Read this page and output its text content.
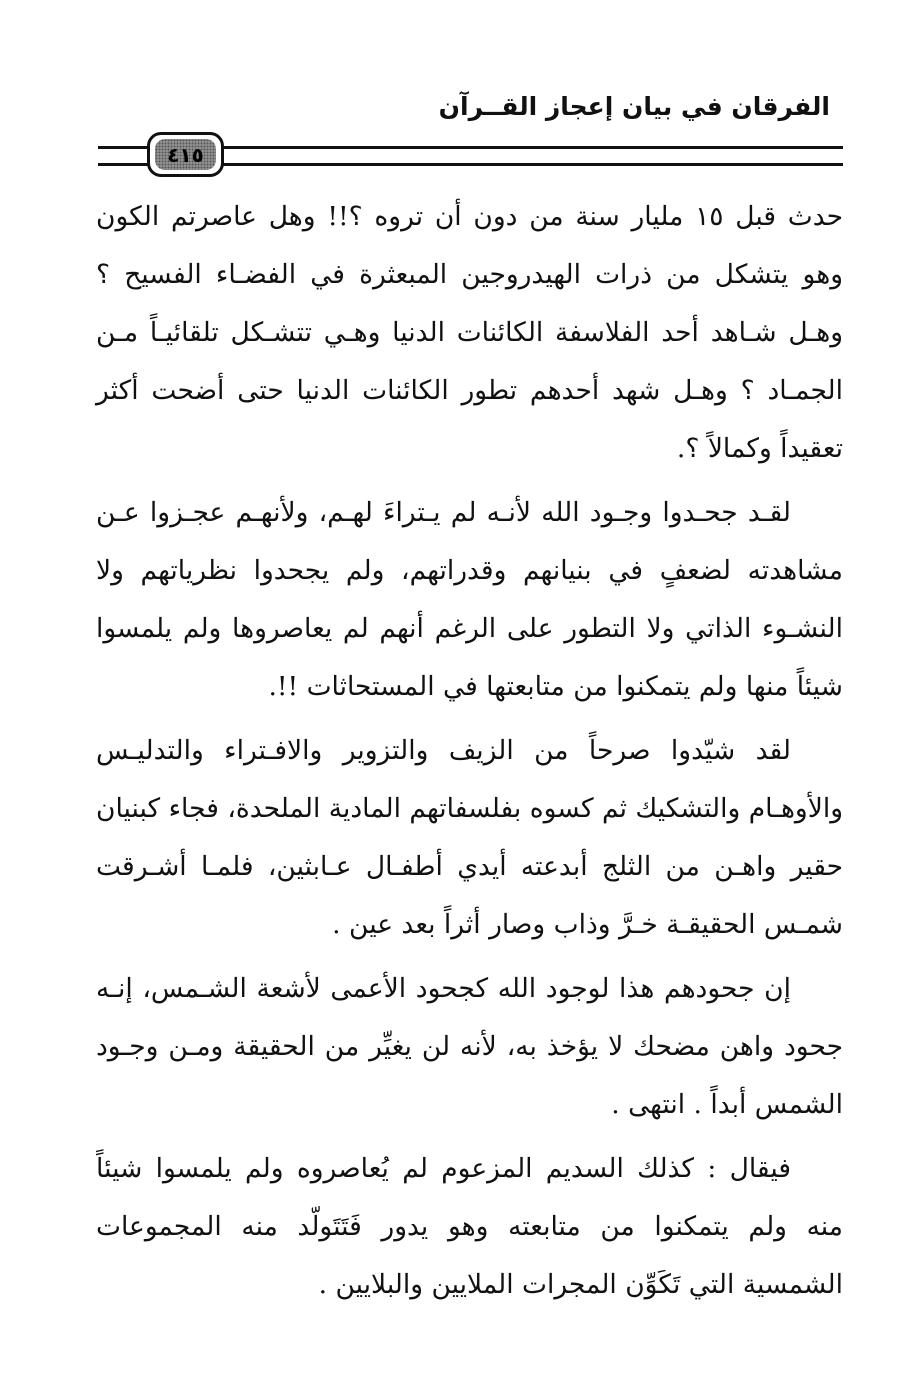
الفرقان في بيان إعجاز القــرآن
٤١٥

حدث قبل ١٥ مليار سنة من دون أن تروه ؟!! وهل عاصرتم الكون وهو يتشكل من ذرات الهيدروجين المبعثرة في الفضـاء الفسيح ؟ وهـل شـاهد أحد الفلاسفة الكائنات الدنيا وهـي تتشـكل تلقائيـاً مـن الجمـاد ؟ وهـل شهد أحدهم تطور الكائنات الدنيا حتى أضحت أكثر تعقيداً وكمالاً ؟.

لقـد جحـدوا وجـود الله لأنـه لم يـتراءَ لهـم، ولأنهـم عجـزوا عـن مشاهدته لضعفٍ في بنيانهم وقدراتهم، ولم يجحدوا نظرياتهم ولا النشـوء الذاتي ولا التطور على الرغم أنهم لم يعاصروها ولم يلمسوا شيئاً منها ولم يتمكنوا من متابعتها في المستحاثات !!.

لقد شيّدوا صرحاً من الزيف والتزوير والافـتراء والتدليـس والأوهـام والتشكيك ثم كسوه بفلسفاتهم المادية الملحدة، فجاء كبنيان حقير واهـن من الثلج أبدعته أيدي أطفـال عـابثين، فلمـا أشـرقت شمـس الحقيقـة خـرَّ وذاب وصار أثراً بعد عين .

إن جحودهم هذا لوجود الله كجحود الأعمى لأشعة الشـمس، إنـه جحود واهن مضحك لا يؤخذ به، لأنه لن يغيِّر من الحقيقة ومـن وجـود الشمس أبداً . انتهى .

فيقال : كذلك السديم المزعوم لم يُعاصروه ولم يلمسوا شيئاً منه ولم يتمكنوا من متابعته وهو يدور فَتَتَولّد منه المجموعات الشمسية التي تَكَوِّن المجرات الملايين والبلايين .
